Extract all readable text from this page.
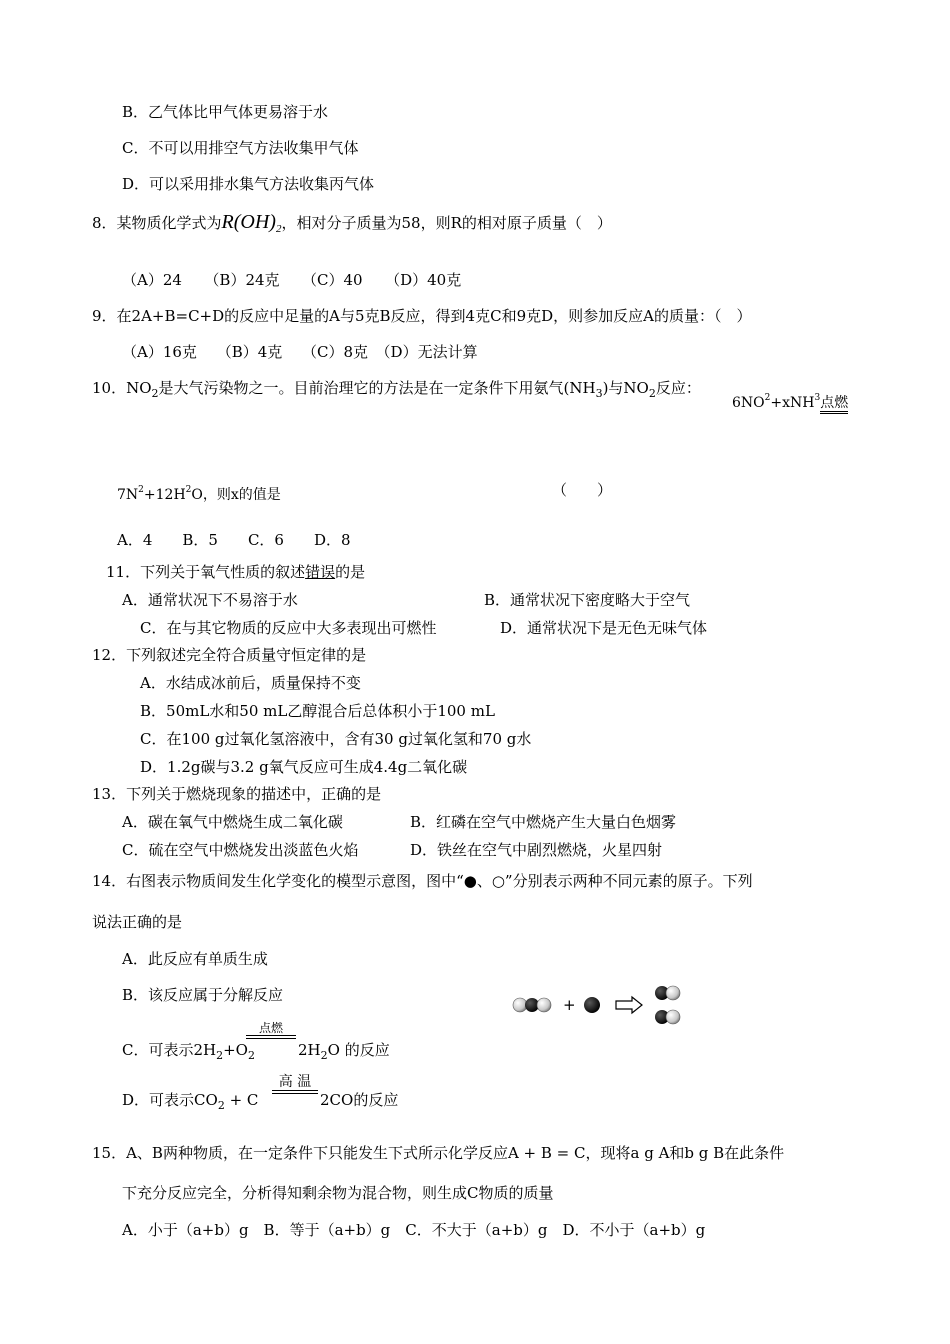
B．乙气体比甲气体更易溶于水
C．不可以用排空气方法收集甲气体
D．可以采用排水集气方法收集丙气体
8．某物质化学式为$R(OH)_2$，相对分子质量为58，则R的相对原子质量（　）
（A）24　　（B）24克　　（C）40　　（D）40克
9．在2A+B=C+D的反应中足量的A与5克B反应，得到4克C和9克D，则参加反应A的质量：（　）
（A）16克　 （B）4克　 （C）8克　（D）无法计算
10．$NO_2$是大气污染物之一。目前治理它的方法是在一定条件下用氨气$(NH_3)$与$NO_2$反应：
$6NO^2+xNH^3$点燃
$7N^2+12H^2O$，则x的值是	（　　）
A．4　　B．5　　C．6　　D．8
11．下列关于氧气性质的叙述错误的是
A．通常状况下不易溶于水	B．通常状况下密度略大于空气
C．在与其它物质的反应中大多表现出可燃性	D．通常状况下是无色无味气体
12．下列叙述完全符合质量守恒定律的是
A．水结成冰前后，质量保持不变
B．50mL水和50 mL乙醇混合后总体积小于100 mL
C．在100 g过氧化氢溶液中，含有30 g过氧化氢和70 g水
D．1.2g碳与3.2 g氧气反应可生成4.4g二氧化碳
13．下列关于燃烧现象的描述中，正确的是
A．碳在氧气中燃烧生成二氧化碳	B．红磷在空气中燃烧产生大量白色烟雾
C．硫在空气中燃烧发出淡蓝色火焰	D．铁丝在空气中剧烈燃烧，火星四射
14．右图表示物质间发生化学变化的模型示意图，图中“●、○”分别表示两种不同元素的原子。下列
说法正确的是
A．此反应有单质生成
B．该反应属于分解反应
C．可表示$2H_2+O_2$
点燃
$2H_2O$ 的反应
D．可表示$CO_2 + C$
高 温
2CO的反应
+
15．A、B两种物质，在一定条件下只能发生下式所示化学反应A + B = C，现将a g A和b g B在此条件
下充分反应完全，分析得知剩余物为混合物，则生成C物质的质量
A．小于（a+b）g　B．等于（a+b）g　C．不大于（a+b）g　D．不小于（a+b）g
